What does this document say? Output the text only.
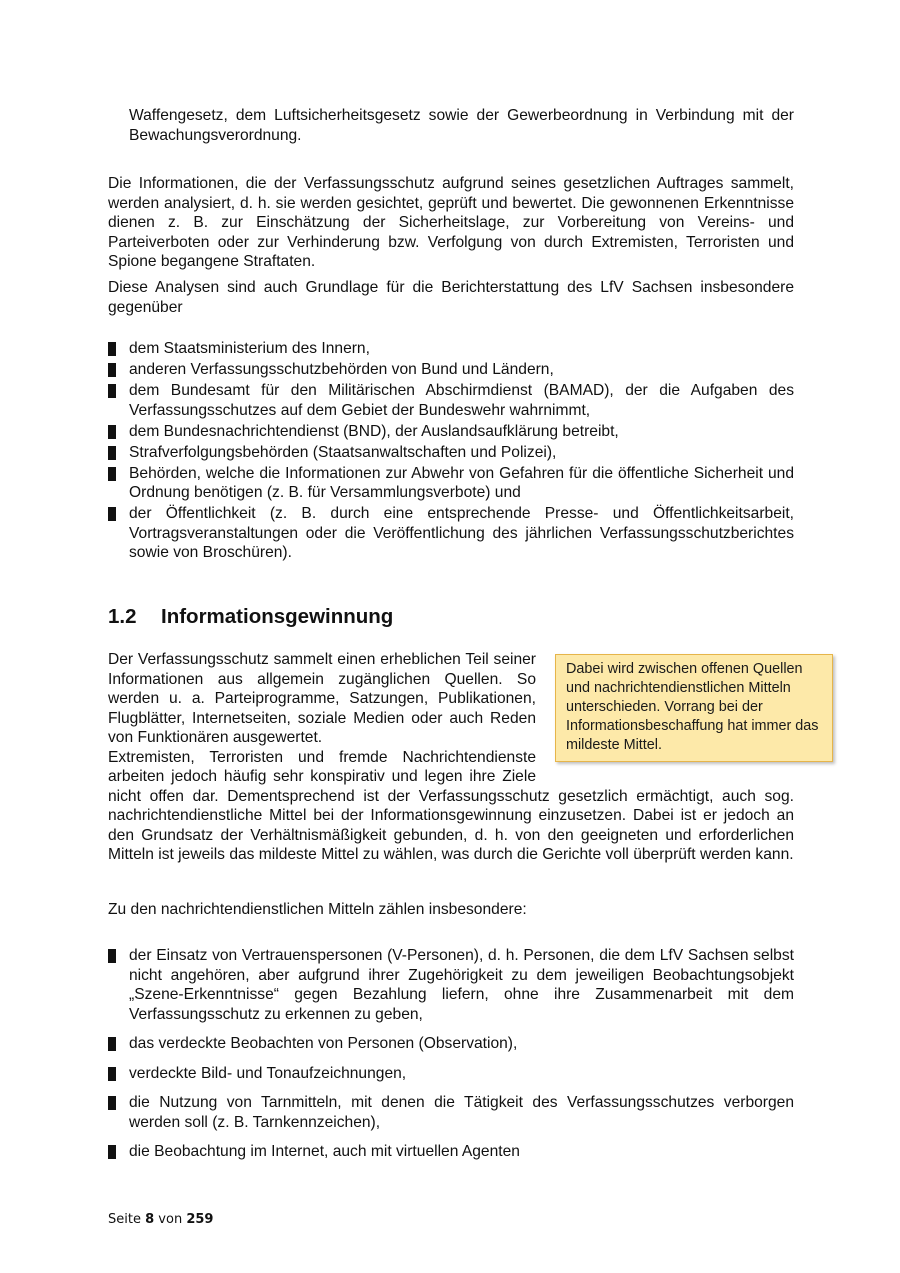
Waffengesetz, dem Luftsicherheitsgesetz sowie der Gewerbeordnung in Verbindung mit der Bewachungsverordnung.

Die Informationen, die der Verfassungsschutz aufgrund seines gesetzlichen Auftrages sammelt, werden analysiert, d. h. sie werden gesichtet, geprüft und bewertet. Die gewonnenen Erkenntnisse dienen z. B. zur Einschätzung der Sicherheitslage, zur Vorbereitung von Vereins- und Parteiverboten oder zur Verhinderung bzw. Verfolgung von durch Extremisten, Terroristen und Spione begangene Straftaten.

Diese Analysen sind auch Grundlage für die Berichterstattung des LfV Sachsen insbesondere gegenüber

dem Staatsministerium des Innern,
anderen Verfassungsschutzbehörden von Bund und Ländern,
dem Bundesamt für den Militärischen Abschirmdienst (BAMAD), der die Aufgaben des Verfassungsschutzes auf dem Gebiet der Bundeswehr wahrnimmt,
dem Bundesnachrichtendienst (BND), der Auslandsaufklärung betreibt,
Strafverfolgungsbehörden (Staatsanwaltschaften und Polizei),
Behörden, welche die Informationen zur Abwehr von Gefahren für die öffentliche Sicherheit und Ordnung benötigen (z. B. für Versammlungsverbote) und
der Öffentlichkeit (z. B. durch eine entsprechende Presse- und Öffentlichkeitsarbeit, Vortragsveranstaltungen oder die Veröffentlichung des jährlichen Verfassungsschutzberichtes sowie von Broschüren).
1.2 Informationsgewinnung
Der Verfassungsschutz sammelt einen erheblichen Teil seiner Informationen aus allgemein zugänglichen Quellen. So werden u. a. Parteiprogramme, Satzungen, Publikationen, Flugblätter, Internetseiten, soziale Medien oder auch Reden von Funktionären ausgewertet.
Extremisten, Terroristen und fremde Nachrichtendienste arbeiten jedoch häufig sehr konspirativ und legen ihre Ziele nicht offen dar. Dementsprechend ist der Verfassungsschutz gesetzlich ermächtigt, auch sog. nachrichtendienstliche Mittel bei der Informationsgewinnung einzusetzen. Dabei ist er jedoch an den Grundsatz der Verhältnismäßigkeit gebunden, d. h. von den geeigneten und erforderlichen Mitteln ist jeweils das mildeste Mittel zu wählen, was durch die Gerichte voll überprüft werden kann.
Dabei wird zwischen offenen Quellen und nachrichtendienstlichen Mitteln unterschieden. Vorrang bei der Informationsbeschaffung hat immer das mildeste Mittel.

Zu den nachrichtendienstlichen Mitteln zählen insbesondere:

der Einsatz von Vertrauenspersonen (V-Personen), d. h. Personen, die dem LfV Sachsen selbst nicht angehören, aber aufgrund ihrer Zugehörigkeit zu dem jeweiligen Beobachtungsobjekt „Szene-Erkenntnisse“ gegen Bezahlung liefern, ohne ihre Zusammenarbeit mit dem Verfassungsschutz zu erkennen zu geben,
das verdeckte Beobachten von Personen (Observation),
verdeckte Bild- und Tonaufzeichnungen,
die Nutzung von Tarnmitteln, mit denen die Tätigkeit des Verfassungsschutzes verborgen werden soll (z. B. Tarnkennzeichen),
die Beobachtung im Internet, auch mit virtuellen Agenten
Seite 8 von 259
